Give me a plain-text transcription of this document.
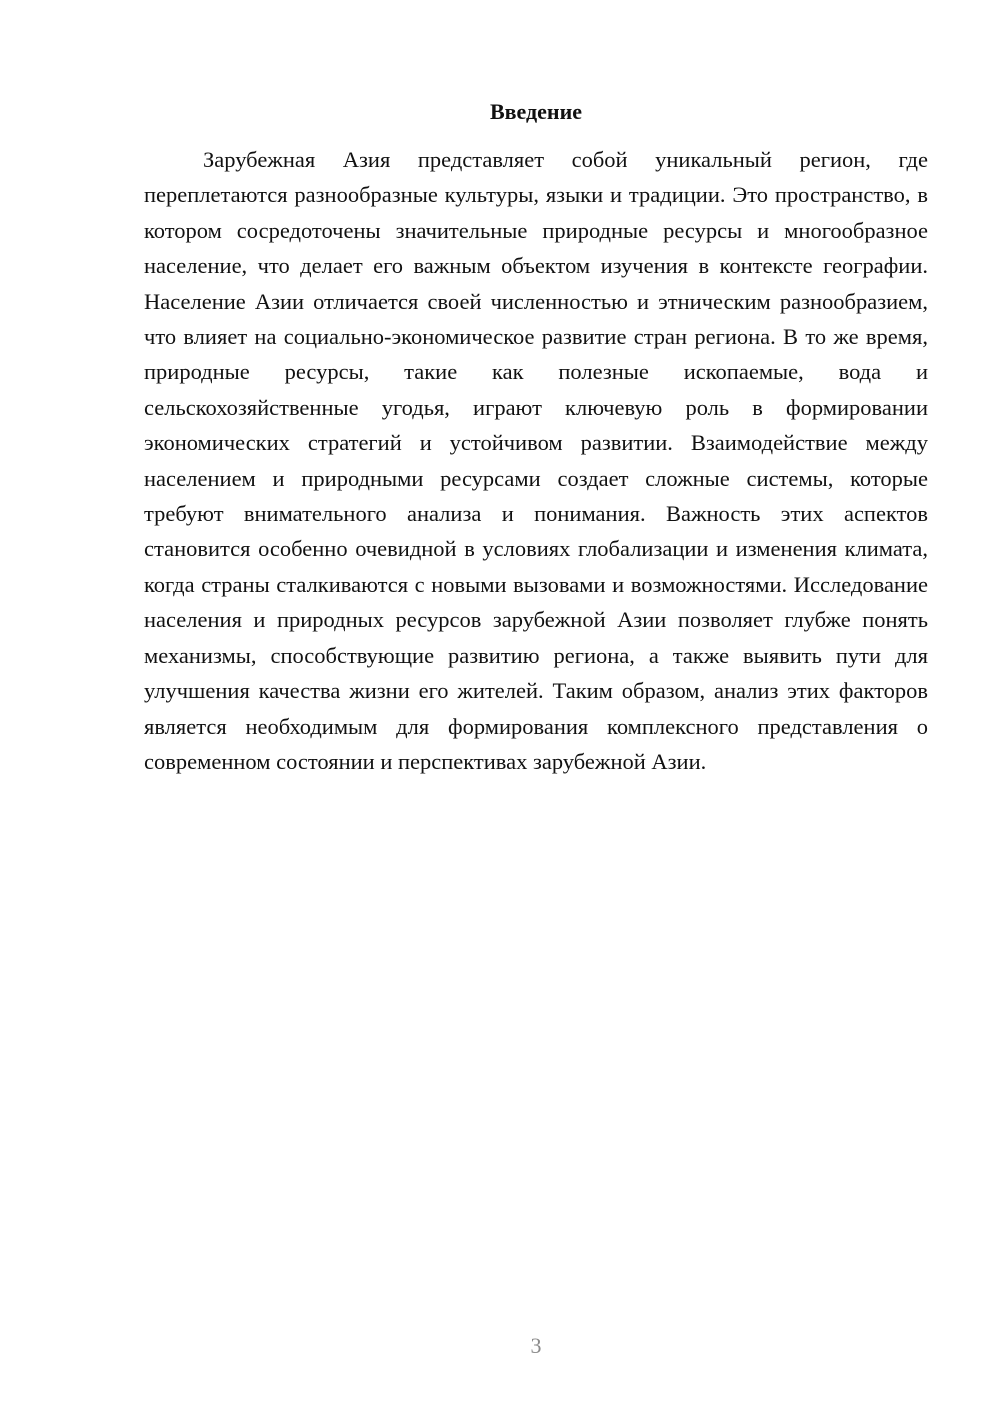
Введение

Зарубежная Азия представляет собой уникальный регион, где переплетаются разнообразные культуры, языки и традиции. Это пространство, в котором сосредоточены значительные природные ресурсы и многообразное население, что делает его важным объектом изучения в контексте географии. Население Азии отличается своей численностью и этническим разнообразием, что влияет на социально-экономическое развитие стран региона. В то же время, природные ресурсы, такие как полезные ископаемые, вода и сельскохозяйственные угодья, играют ключевую роль в формировании экономических стратегий и устойчивом развитии. Взаимодействие между населением и природными ресурсами создает сложные системы, которые требуют внимательного анализа и понимания. Важность этих аспектов становится особенно очевидной в условиях глобализации и изменения климата, когда страны сталкиваются с новыми вызовами и возможностями. Исследование населения и природных ресурсов зарубежной Азии позволяет глубже понять механизмы, способствующие развитию региона, а также выявить пути для улучшения качества жизни его жителей. Таким образом, анализ этих факторов является необходимым для формирования комплексного представления о современном состоянии и перспективах зарубежной Азии.

3
